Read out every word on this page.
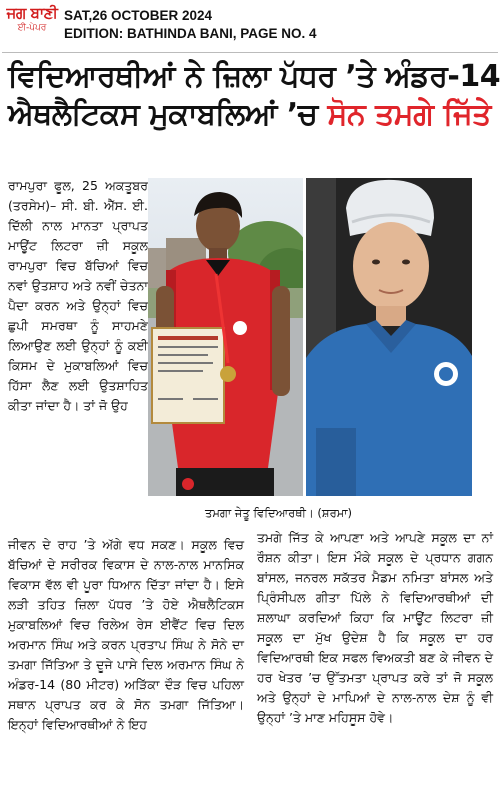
ਜਗ ਬਾਣੀ
ਈ-ਪੇਪਰ
SAT,26 OCTOBER 2024
EDITION: BATHINDA BANI, PAGE NO. 4
ਵਿਦਿਆਰਥੀਆਂ ਨੇ ਜ਼ਿਲਾ ਪੱਧਰ ’ਤੇ ਅੰਡਰ-14
ਐਥਲੈਟਿਕਸ ਮੁਕਾਬਲਿਆਂ ’ਚ ਸੋਨ ਤਮਗੇ ਜਿੱਤੇ

ਰਾਮਪੁਰਾ ਫੂਲ, 25 ਅਕਤੂਬਰ (ਤਰਸੇਮ)– ਸੀ. ਬੀ. ਐੱਸ. ਈ. ਦਿੱਲੀ ਨਾਲ ਮਾਨਤਾ ਪ੍ਰਾਪਤ ਮਾਊਂਟ ਲਿਟਰਾ ਜ਼ੀ ਸਕੂਲ ਰਾਮਪੁਰਾ ਵਿਚ ਬੱਚਿਆਂ ਵਿਚ ਨਵਾਂ ਉਤਸ਼ਾਹ ਅਤੇ ਨਵੀਂ ਚੇਤਨਾ ਪੈਦਾ ਕਰਨ ਅਤੇ ਉਨ੍ਹਾਂ ਵਿਚ ਛੁਪੀ ਸਮਰਥਾ ਨੂੰ ਸਾਹਮਣੇ ਲਿਆਉਣ ਲਈ ਉਨ੍ਹਾਂ ਨੂੰ ਕਈ ਕਿਸਮ ਦੇ ਮੁਕਾਬਲਿਆਂ ਵਿਚ ਹਿੱਸਾ ਲੈਣ ਲਈ ਉਤਸ਼ਾਹਿਤ ਕੀਤਾ ਜਾਂਦਾ ਹੈ। ਤਾਂ ਜੋ ਉਹ

ਤਮਗਾ ਜੇਤੂ ਵਿਦਿਆਰਥੀ। (ਸ਼ਰਮਾ)

ਜੀਵਨ ਦੇ ਰਾਹ ’ਤੇ ਅੱਗੇ ਵਧ ਸਕਣ। ਸਕੂਲ ਵਿਚ ਬੱਚਿਆਂ ਦੇ ਸਰੀਰਕ ਵਿਕਾਸ ਦੇ ਨਾਲ-ਨਾਲ ਮਾਨਸਿਕ ਵਿਕਾਸ ਵੱਲ ਵੀ ਪੂਰਾ ਧਿਆਨ ਦਿੱਤਾ ਜਾਂਦਾ ਹੈ। ਇਸੇ ਲੜੀ ਤਹਿਤ ਜ਼ਿਲਾ ਪੱਧਰ ’ਤੇ ਹੋਏ ਐਥਲੈਟਿਕਸ ਮੁਕਾਬਲਿਆਂ ਵਿਚ ਰਿਲੇਅ ਰੇਸ ਈਵੈਂਟ ਵਿਚ ਦਿਲ ਅਰਮਾਨ ਸਿੰਘ ਅਤੇ ਕਰਨ ਪ੍ਰਤਾਪ ਸਿੰਘ ਨੇ ਸੋਨੇ ਦਾ ਤਮਗਾ ਜਿੱਤਿਆ ਤੇ ਦੂਜੇ ਪਾਸੇ ਦਿਲ ਅਰਮਾਨ ਸਿੰਘ ਨੇ ਅੰਡਰ-14 (80 ਮੀਟਰ) ਅੜਿੱਕਾ ਦੌੜ ਵਿਚ ਪਹਿਲਾ ਸਥਾਨ ਪ੍ਰਾਪਤ ਕਰ ਕੇ ਸੋਨ ਤਮਗਾ ਜਿੱਤਿਆ। ਇਨ੍ਹਾਂ ਵਿਦਿਆਰਥੀਆਂ ਨੇ ਇਹ

ਤਮਗੇ ਜਿੱਤ ਕੇ ਆਪਣਾ ਅਤੇ ਆਪਣੇ ਸਕੂਲ ਦਾ ਨਾਂ ਰੌਸ਼ਨ ਕੀਤਾ। ਇਸ ਮੌਕੇ ਸਕੂਲ ਦੇ ਪ੍ਰਧਾਨ ਗਗਨ ਬਾਂਸਲ, ਜਨਰਲ ਸਕੱਤਰ ਮੈਡਮ ਨਮਿਤਾ ਬਾਂਸਲ ਅਤੇ ਪ੍ਰਿੰਸੀਪਲ ਗੀਤਾ ਪਿੱਲੇ ਨੇ ਵਿਦਿਆਰਥੀਆਂ ਦੀ ਸ਼ਲਾਘਾ ਕਰਦਿਆਂ ਕਿਹਾ ਕਿ ਮਾਊਂਟ ਲਿਟਰਾ ਜ਼ੀ ਸਕੂਲ ਦਾ ਮੁੱਖ ਉਦੇਸ਼ ਹੈ ਕਿ ਸਕੂਲ ਦਾ ਹਰ ਵਿਦਿਆਰਥੀ ਇਕ ਸਫਲ ਵਿਅਕਤੀ ਬਣ ਕੇ ਜੀਵਨ ਦੇ ਹਰ ਖੇਤਰ ’ਚ ਉੱਤਮਤਾ ਪ੍ਰਾਪਤ ਕਰੇ ਤਾਂ ਜੋ ਸਕੂਲ ਅਤੇ ਉਨ੍ਹਾਂ ਦੇ ਮਾਪਿਆਂ ਦੇ ਨਾਲ-ਨਾਲ ਦੇਸ਼ ਨੂੰ ਵੀ ਉਨ੍ਹਾਂ ’ਤੇ ਮਾਣ ਮਹਿਸੂਸ ਹੋਵੇ।
